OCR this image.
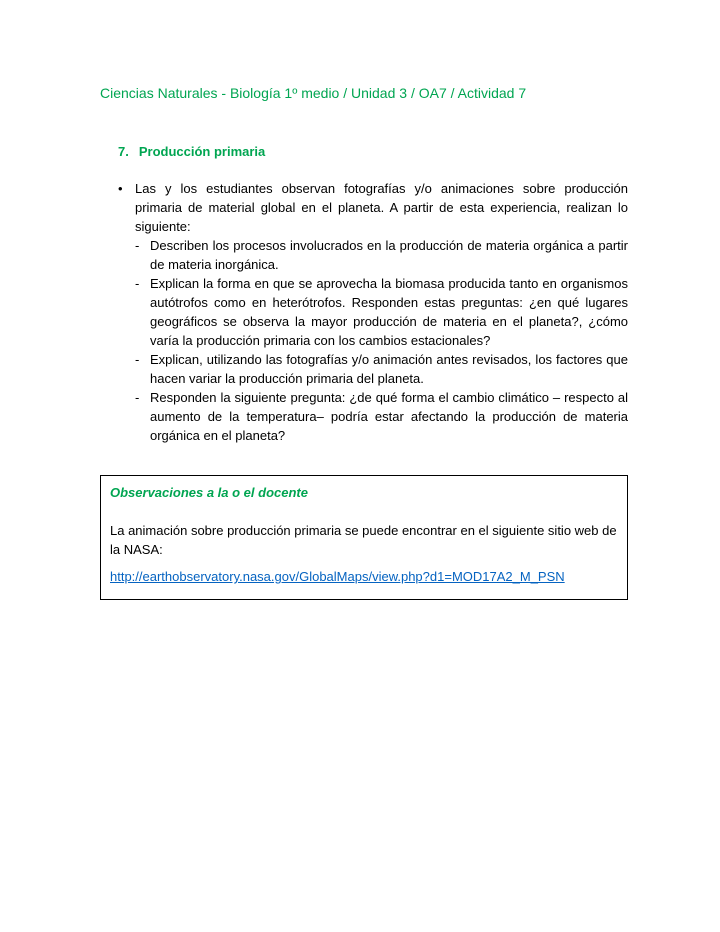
Ciencias Naturales - Biología 1º medio / Unidad 3 / OA7 / Actividad 7
7. Producción primaria
• Las y los estudiantes observan fotografías y/o animaciones sobre producción primaria de material global en el planeta. A partir de esta experiencia, realizan lo siguiente:

- Describen los procesos involucrados en la producción de materia orgánica a partir de materia inorgánica.

- Explican la forma en que se aprovecha la biomasa producida tanto en organismos autótrofos como en heterótrofos. Responden estas preguntas: ¿en qué lugares geográficos se observa la mayor producción de materia en el planeta?, ¿cómo varía la producción primaria con los cambios estacionales?

- Explican, utilizando las fotografías y/o animación antes revisados, los factores que hacen variar la producción primaria del planeta.

- Responden la siguiente pregunta: ¿de qué forma el cambio climático – respecto al aumento de la temperatura– podría estar afectando la producción de materia orgánica en el planeta?

Observaciones a la o el docente

La animación sobre producción primaria se puede encontrar en el siguiente sitio web de la NASA:

http://earthobservatory.nasa.gov/GlobalMaps/view.php?d1=MOD17A2_M_PSN
